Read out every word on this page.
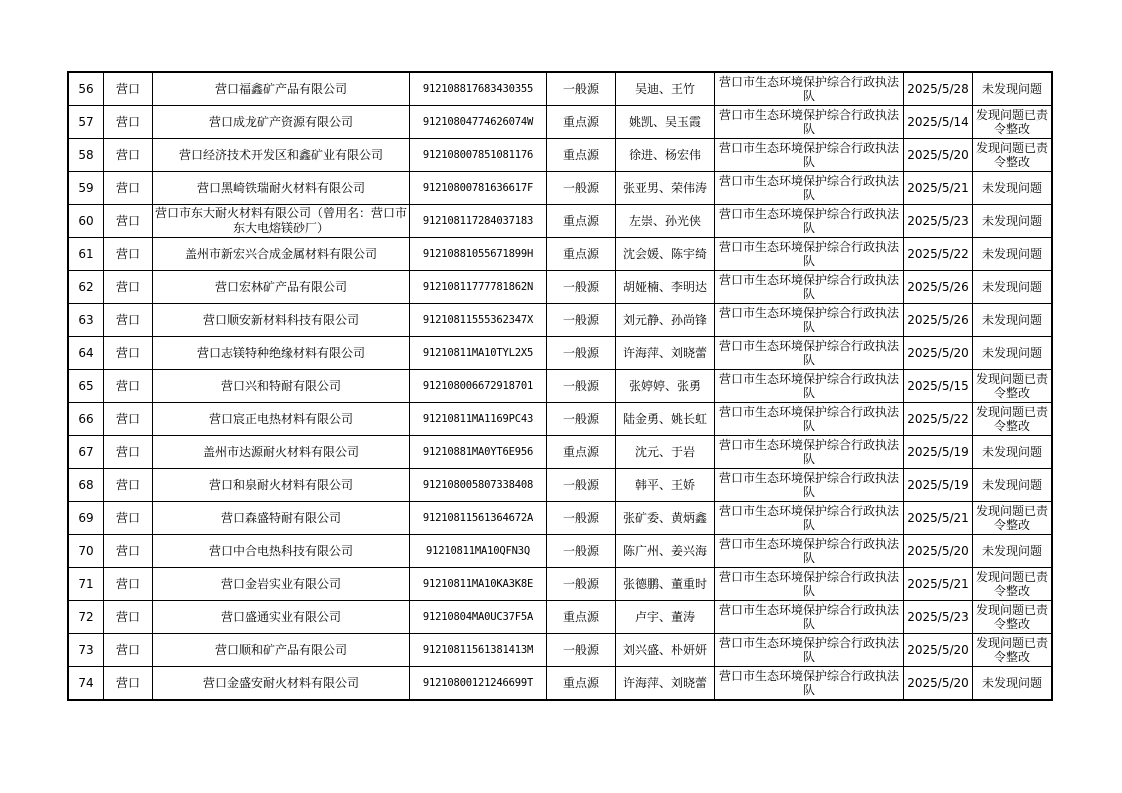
56	营口	营口福鑫矿产品有限公司	912108817683430355	一般源	吴迪、王竹	营口市生态环境保护综合行政执法队	2025/5/28	未发现问题
57	营口	营口成龙矿产资源有限公司	91210804774626074W	重点源	姚凯、吴玉霞	营口市生态环境保护综合行政执法队	2025/5/14	发现问题已责令整改
58	营口	营口经济技术开发区和鑫矿业有限公司	912108007851081176	重点源	徐进、杨宏伟	营口市生态环境保护综合行政执法队	2025/5/20	发现问题已责令整改
59	营口	营口黑崎铁瑞耐火材料有限公司	91210800781636617F	一般源	张亚男、荣伟涛	营口市生态环境保护综合行政执法队	2025/5/21	未发现问题
60	营口	营口市东大耐火材料有限公司（曾用名：营口市东大电熔镁砂厂）	912108117284037183	重点源	左崇、孙光侠	营口市生态环境保护综合行政执法队	2025/5/23	未发现问题
61	营口	盖州市新宏兴合成金属材料有限公司	91210881055671899H	重点源	沈会媛、陈宇绮	营口市生态环境保护综合行政执法队	2025/5/22	未发现问题
62	营口	营口宏林矿产品有限公司	91210811777781862N	一般源	胡娅楠、李明达	营口市生态环境保护综合行政执法队	2025/5/26	未发现问题
63	营口	营口顺安新材料科技有限公司	91210811555362347X	一般源	刘元静、孙尚锋	营口市生态环境保护综合行政执法队	2025/5/26	未发现问题
64	营口	营口志镁特种绝缘材料有限公司	91210811MA10TYL2X5	一般源	许海萍、刘晓蕾	营口市生态环境保护综合行政执法队	2025/5/20	未发现问题
65	营口	营口兴和特耐有限公司	912108006672918701	一般源	张婷婷、张勇	营口市生态环境保护综合行政执法队	2025/5/15	发现问题已责令整改
66	营口	营口宸正电热材料有限公司	91210811MA1169PC43	一般源	陆金勇、姚长虹	营口市生态环境保护综合行政执法队	2025/5/22	发现问题已责令整改
67	营口	盖州市达源耐火材料有限公司	91210881MA0YT6E956	重点源	沈元、于岩	营口市生态环境保护综合行政执法队	2025/5/19	未发现问题
68	营口	营口和泉耐火材料有限公司	912108005807338408	一般源	韩平、王娇	营口市生态环境保护综合行政执法队	2025/5/19	未发现问题
69	营口	营口森盛特耐有限公司	91210811561364672A	一般源	张矿委、黄炳鑫	营口市生态环境保护综合行政执法队	2025/5/21	发现问题已责令整改
70	营口	营口中合电热科技有限公司	91210811MA10QFN3Q	一般源	陈广州、姜兴海	营口市生态环境保护综合行政执法队	2025/5/20	未发现问题
71	营口	营口金岩实业有限公司	91210811MA10KA3K8E	一般源	张德鹏、董重时	营口市生态环境保护综合行政执法队	2025/5/21	发现问题已责令整改
72	营口	营口盛通实业有限公司	91210804MA0UC37F5A	重点源	卢宇、董涛	营口市生态环境保护综合行政执法队	2025/5/23	发现问题已责令整改
73	营口	营口顺和矿产品有限公司	91210811561381413M	一般源	刘兴盛、朴妍妍	营口市生态环境保护综合行政执法队	2025/5/20	发现问题已责令整改
74	营口	营口金盛安耐火材料有限公司	91210800121246699T	重点源	许海萍、刘晓蕾	营口市生态环境保护综合行政执法队	2025/5/20	未发现问题
